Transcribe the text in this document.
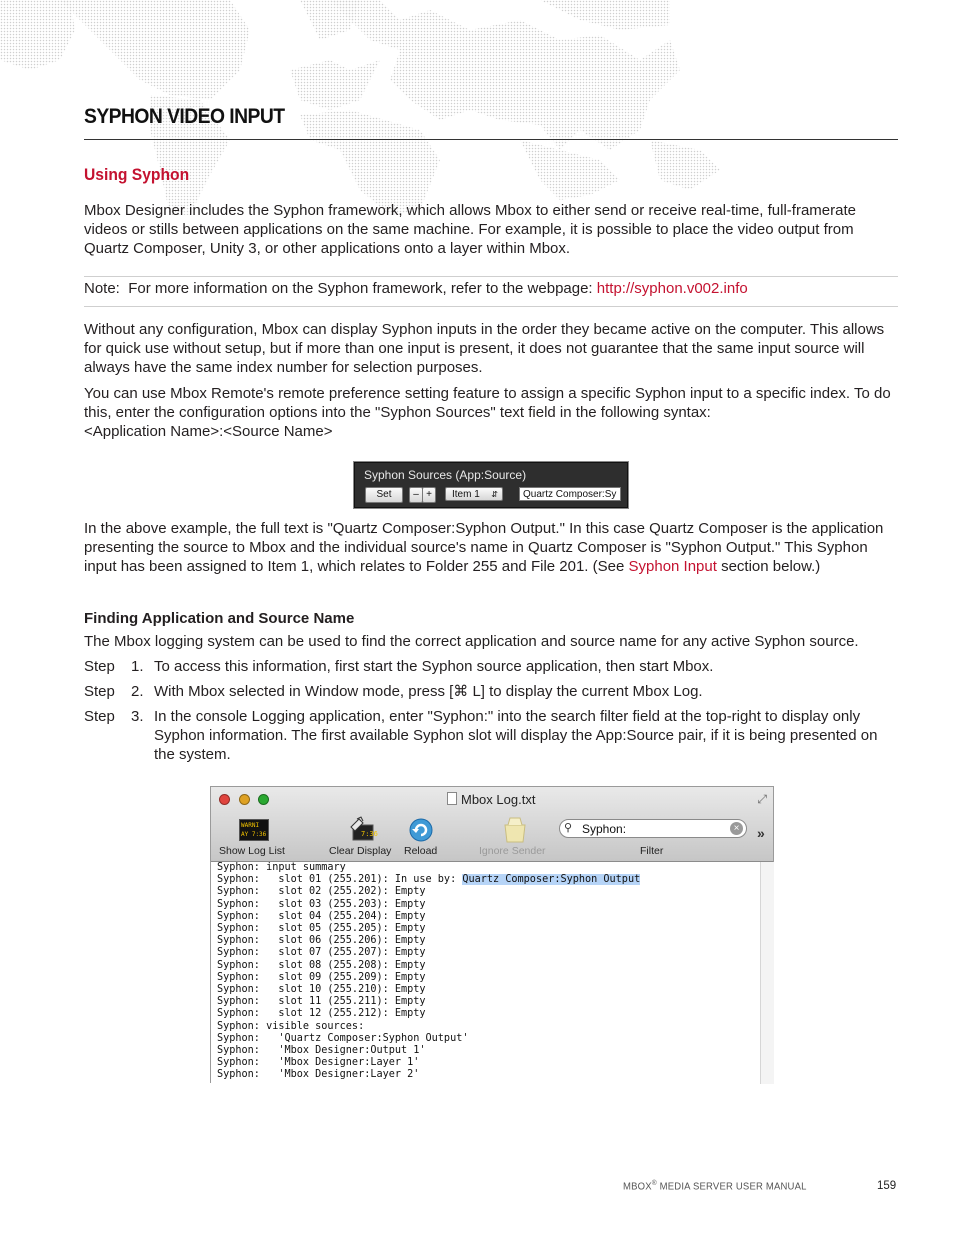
SYPHON VIDEO INPUT
Using Syphon

Mbox Designer includes the Syphon framework, which allows Mbox to either send or receive real-time, full-framerate videos or stills between applications on the same machine. For example, it is possible to place the video output from Quartz Composer, Unity 3, or other applications onto a layer within Mbox.

Note: For more information on the Syphon framework, refer to the webpage: http://syphon.v002.info

Without any configuration, Mbox can display Syphon inputs in the order they became active on the computer. This allows for quick use without setup, but if more than one input is present, it does not guarantee that the same input source will always have the same index number for selection purposes.

You can use Mbox Remote's remote preference setting feature to assign a specific Syphon input to a specific index. To do this, enter the configuration options into the "Syphon Sources" text field in the following syntax:
<Application Name>:<Source Name>

In the above example, the full text is "Quartz Composer:Syphon Output." In this case Quartz Composer is the application presenting the source to Mbox and the individual source's name in Quartz Composer is "Syphon Output." This Syphon input has been assigned to Item 1, which relates to Folder 255 and File 201. (See Syphon Input section below.)

Finding Application and Source Name

The Mbox logging system can be used to find the correct application and source name for any active Syphon source.

Step 1. To access this information, first start the Syphon source application, then start Mbox.
Step 2. With Mbox selected in Window mode, press [⌘ L] to display the current Mbox Log.
Step 3. In the console Logging application, enter "Syphon:" into the search filter field at the top-right to display only Syphon information. The first available Syphon slot will display the App:Source pair, if it is being presented on the system.
Syphon Sources (App:Source)
Set	– +	Item 1 ⇵	Quartz Composer:Sy
Mbox Log.txt	⤢
WARNI AY 7:36
Show Log List
7:36
Clear Display Reload	Ignore Sender
⚲
Syphon:	×
Filter
»
Syphon: input summary
Syphon:   slot 01 (255.201): In use by: Quartz Composer:Syphon Output
Syphon:   slot 02 (255.202): Empty
Syphon:   slot 03 (255.203): Empty
Syphon:   slot 04 (255.204): Empty
Syphon:   slot 05 (255.205): Empty
Syphon:   slot 06 (255.206): Empty
Syphon:   slot 07 (255.207): Empty
Syphon:   slot 08 (255.208): Empty
Syphon:   slot 09 (255.209): Empty
Syphon:   slot 10 (255.210): Empty
Syphon:   slot 11 (255.211): Empty
Syphon:   slot 12 (255.212): Empty
Syphon: visible sources:
Syphon:   'Quartz Composer:Syphon Output'
Syphon:   'Mbox Designer:Output 1'
Syphon:   'Mbox Designer:Layer 1'
Syphon:   'Mbox Designer:Layer 2'
MBOX® MEDIA SERVER USER MANUAL	159
